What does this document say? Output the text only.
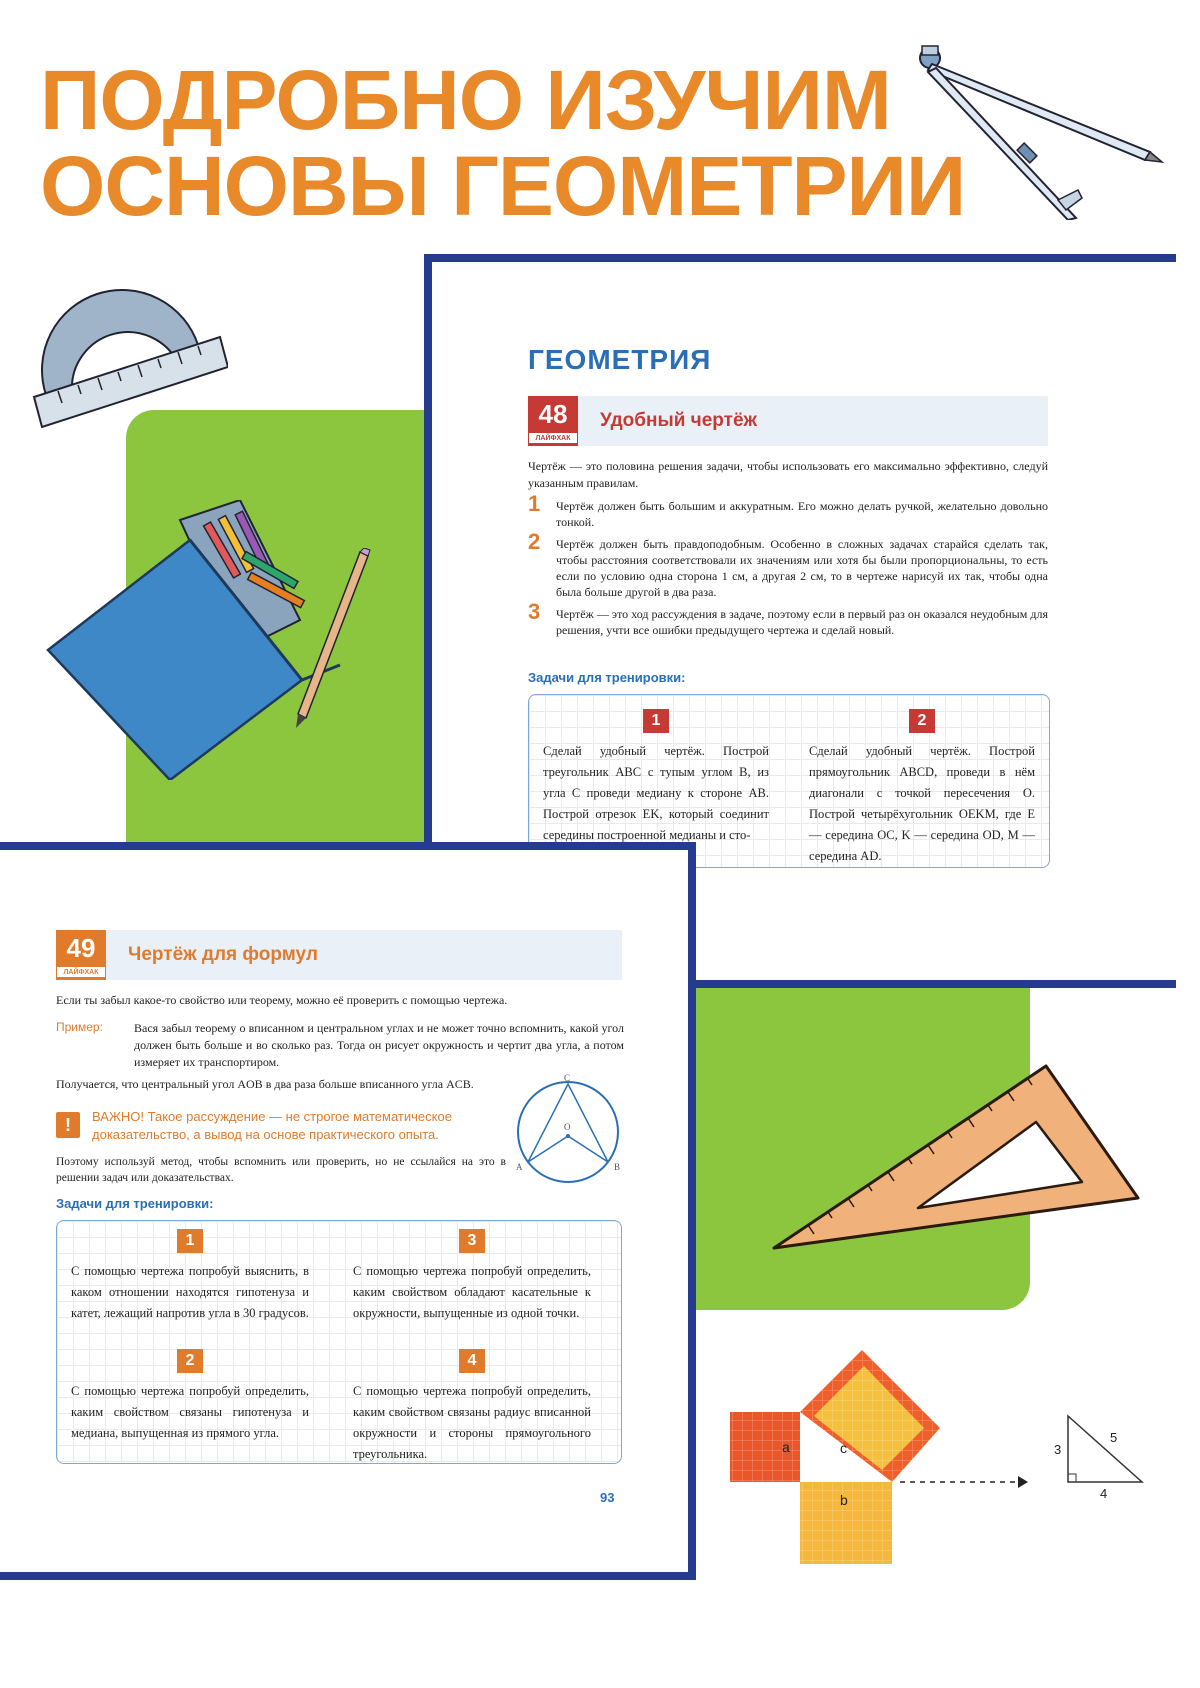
ПОДРОБНО ИЗУЧИМ
ОСНОВЫ ГЕОМЕТРИИ
ГЕОМЕТРИЯ
48
ЛАЙФХАК
Удобный чертёж

Чертёж — это половина решения задачи, чтобы использовать его максимально эффективно, следуй указанным правилам.

1 Чертёж должен быть большим и аккуратным. Его можно делать ручкой, желательно довольно тонкой.
2 Чертёж должен быть правдоподобным. Особенно в сложных задачах старайся сделать так, чтобы расстояния соответствовали их значениям или хотя бы были пропорциональны, то есть если по условию одна сторона 1 см, а другая 2 см, то в чертеже нарисуй их так, чтобы одна была больше другой в два раза.
3 Чертёж — это ход рассуждения в задаче, поэтому если в первый раз он оказался неудобным для решения, учти все ошибки предыдущего чертежа и сделай новый.

Задачи для тренировки:

1

Сделай удобный чертёж. Построй треугольник ABC с тупым углом B, из угла C проведи медиану к стороне AB. Построй отрезок EK, который соединит середины построенной медианы и сто-

2

Сделай удобный чертёж. Построй прямоугольник ABCD, проведи в нём диагонали с точкой пересечения O. Построй четырёхугольник OEKM, где E — середина OC, K — середина OD, M — середина AD.

49
ЛАЙФХАК
Чертёж для формул

Если ты забыл какое-то свойство или теорему, можно её проверить с помощью чертежа.

Пример:	Вася забыл теорему о вписанном и центральном углах и не может точно вспомнить, какой угол должен быть больше и во сколько раз. Тогда он рисует окружность и чертит два угла, а потом измеряет их транспортиром.

Получается, что центральный угол AOB в два раза больше вписанного угла ACB.

!	ВАЖНО! Такое рассуждение — не строгое математическое доказательство, а вывод на основе практического опыта.

Поэтому используй метод, чтобы вспомнить или проверить, но не ссылайся на это в решении задач или доказательствах.

C
O
A	B

Задачи для тренировки:

1

С помощью чертежа попробуй выяснить, в каком отношении находятся гипотенуза и катет, лежащий напротив угла в 30 градусов.

3

С помощью чертежа попробуй определить, каким свойством обладают касательные к окружности, выпущенные из одной точки.

2

С помощью чертежа попробуй определить, каким свойством связаны гипотенуза и медиана, выпущенная из прямого угла.

4

С помощью чертежа попробуй определить, каким свойством связаны радиус вписанной окружности и стороны прямоугольного треугольника.

93
a
b
c	3
5
4
